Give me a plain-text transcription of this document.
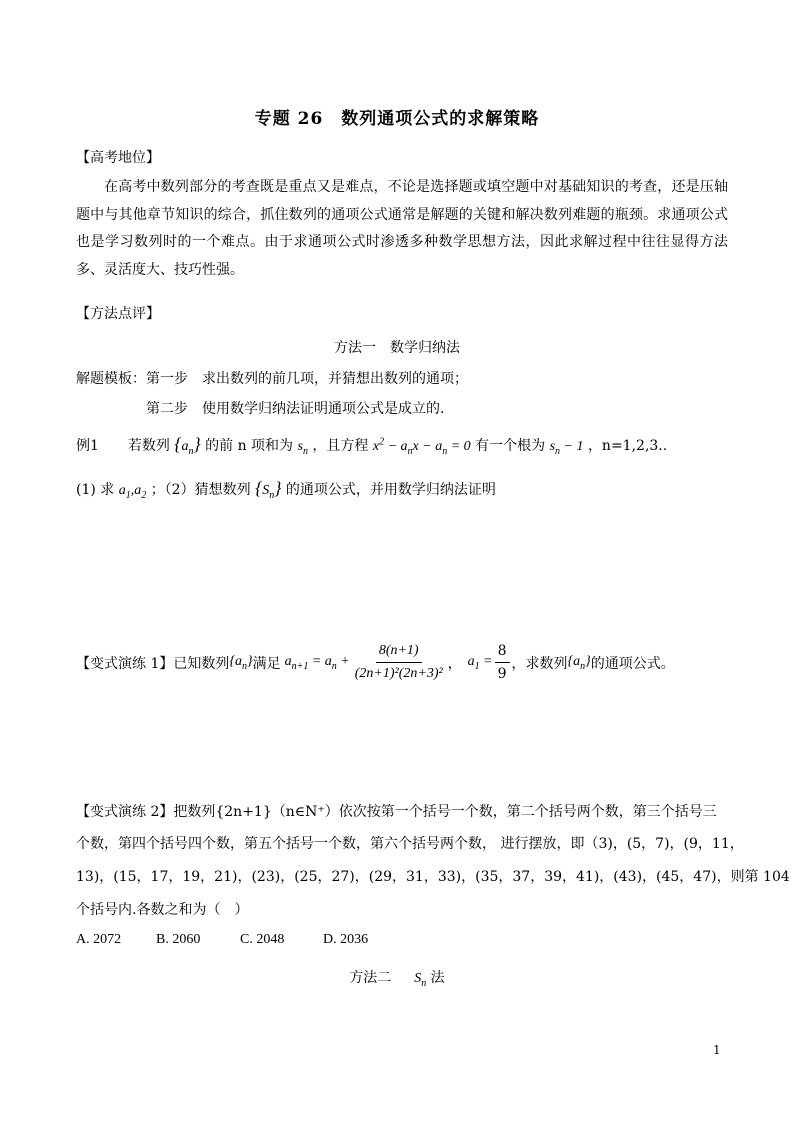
专题 26　数列通项公式的求解策略
【高考地位】

在高考中数列部分的考查既是重点又是难点，不论是选择题或填空题中对基础知识的考查，还是压轴题中与其他章节知识的综合，抓住数列的通项公式通常是解题的关键和解决数列难题的瓶颈。求通项公式也是学习数列时的一个难点。由于求通项公式时渗透多种数学思想方法，因此求解过程中往往显得方法多、灵活度大、技巧性强。

【方法点评】
方法一　数学归纳法
解题模板：第一步　求出数列的前几项，并猜想出数列的通项；
第二步　使用数学归纳法证明通项公式是成立的.
例1 若数列 $\{a_n\}$ 的前 n 项和为 $s_n$ ，且方程 $x^2 - a_nx - a_n = 0$ 有一个根为 $s_n - 1$ ，n=1,2,3..
(1) 求 $a_1,a_2$ ；（2）猜想数列 $\{S_n\}$ 的通项公式，并用数学归纳法证明
【变式演练 1】 已知数列 $\{a_n\}$ 满足 $a_{n+1} = a_n + \frac{8(n+1)}{\text{(2n+1)²(2n+3)²}}$ ， $a_1 = \frac{8}{9}$ ，求数列 $\{a_n\}$ 的通项公式。
【变式演练 2】把数列{2n+1}（n∈N⁺）依次按第一个括号一个数，第二个括号两个数，第三个括号三
个数，第四个括号四个数，第五个括号一个数，第六个括号两个数， 进行摆放，即（3)，(5，7)，(9，11，
13)，(15，17，19，21)，(23)，(25，27)，(29，31，33)，(35，37，39，41)，(43)，(45，47)，则第 104
个括号内.各数之和为（　）
A. 2072 B. 2060	C. 2048	D. 2036
方法二 $S_n$ 法
1
